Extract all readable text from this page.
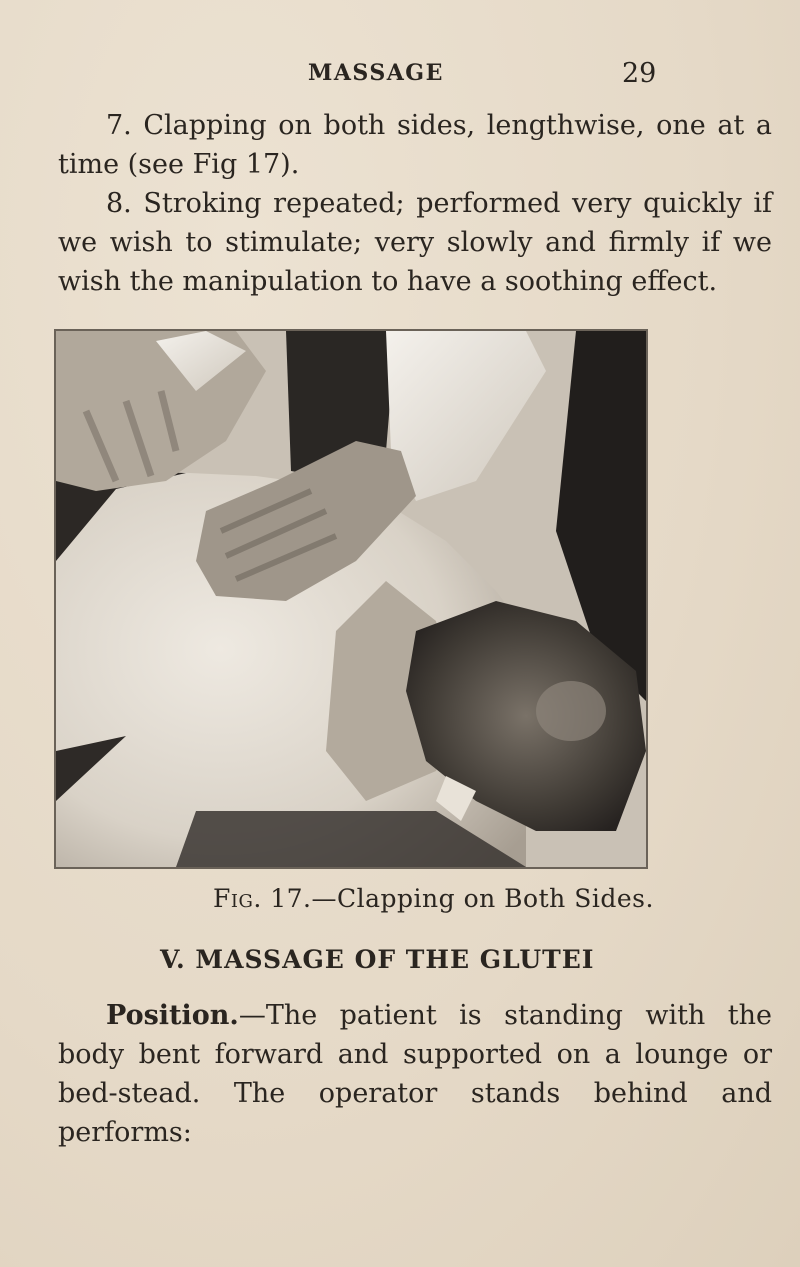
MASSAGE	29

7. Clapping on both sides, lengthwise, one at a time (see Fig 17).

8. Stroking repeated; performed very quickly if we wish to stimulate; very slowly and firmly if we wish the manipulation to have a soothing effect.

Fig. 17.—Clapping on Both Sides.
V. MASSAGE OF THE GLUTEI

Position.—The patient is standing with the body bent forward and supported on a lounge or bed-stead. The operator stands behind and performs:
